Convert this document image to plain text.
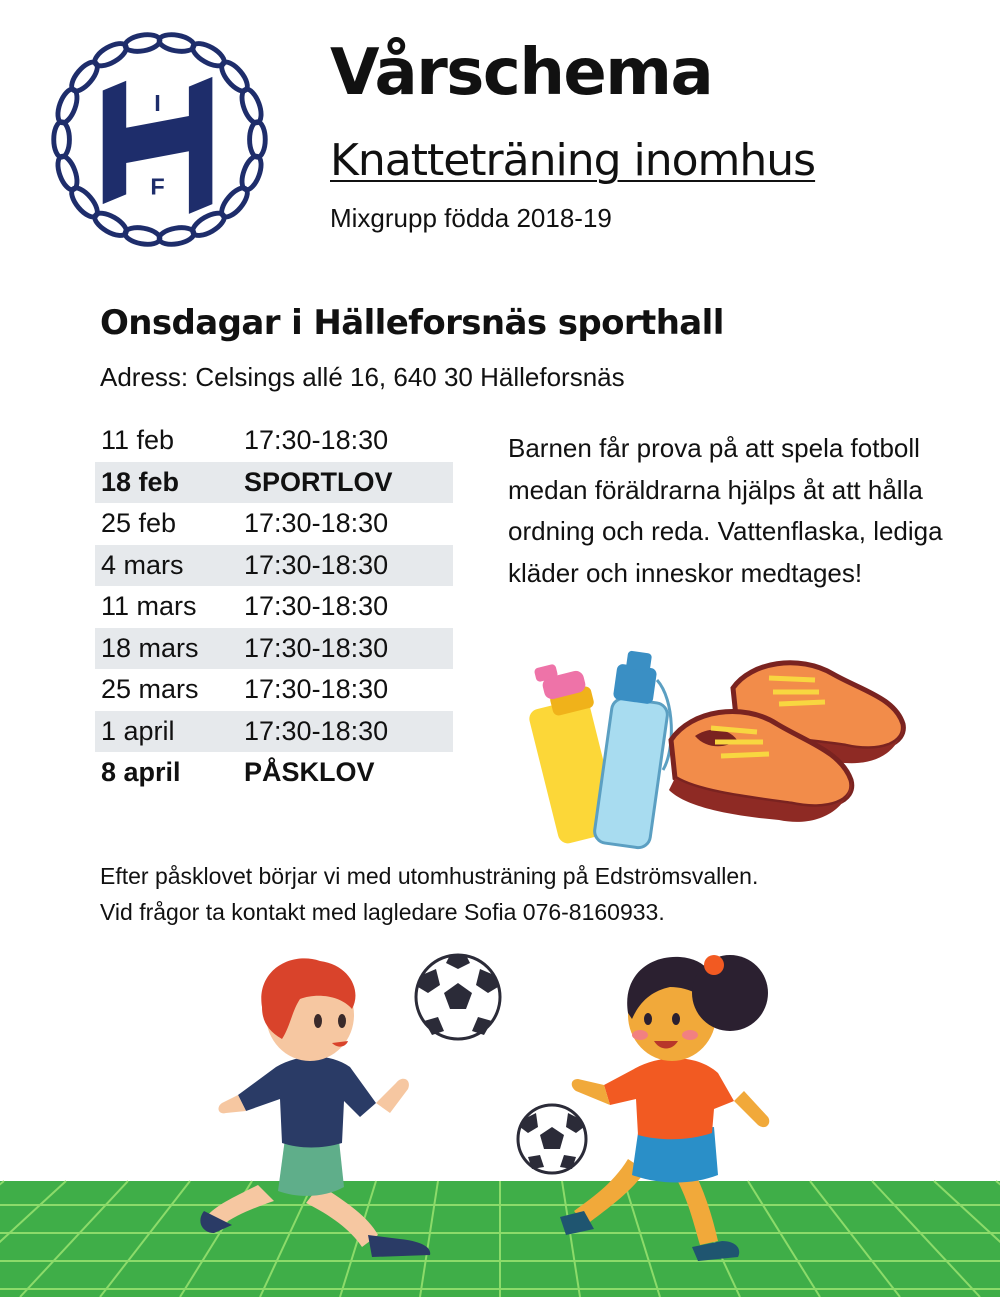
I
F
Vårschema
Knatteträning inomhus
Mixgrupp födda 2018-19
Onsdagar i Hälleforsnäs sporthall
Adress: Celsings allé 16, 640 30 Hälleforsnäs
11 feb	17:30-18:30
18 feb	SPORTLOV
25 feb	17:30-18:30
4 mars	17:30-18:30
11 mars	17:30-18:30
18 mars	17:30-18:30
25 mars	17:30-18:30
1 april	17:30-18:30
8 april	PÅSKLOV
Barnen får prova på att spela fotboll medan föräldrarna hjälps åt att hålla ordning och reda. Vattenflaska, lediga kläder och inneskor medtages!
Efter påsklovet börjar vi med utomhusträning på Edströmsvallen.
Vid frågor ta kontakt med lagledare Sofia 076-8160933.
